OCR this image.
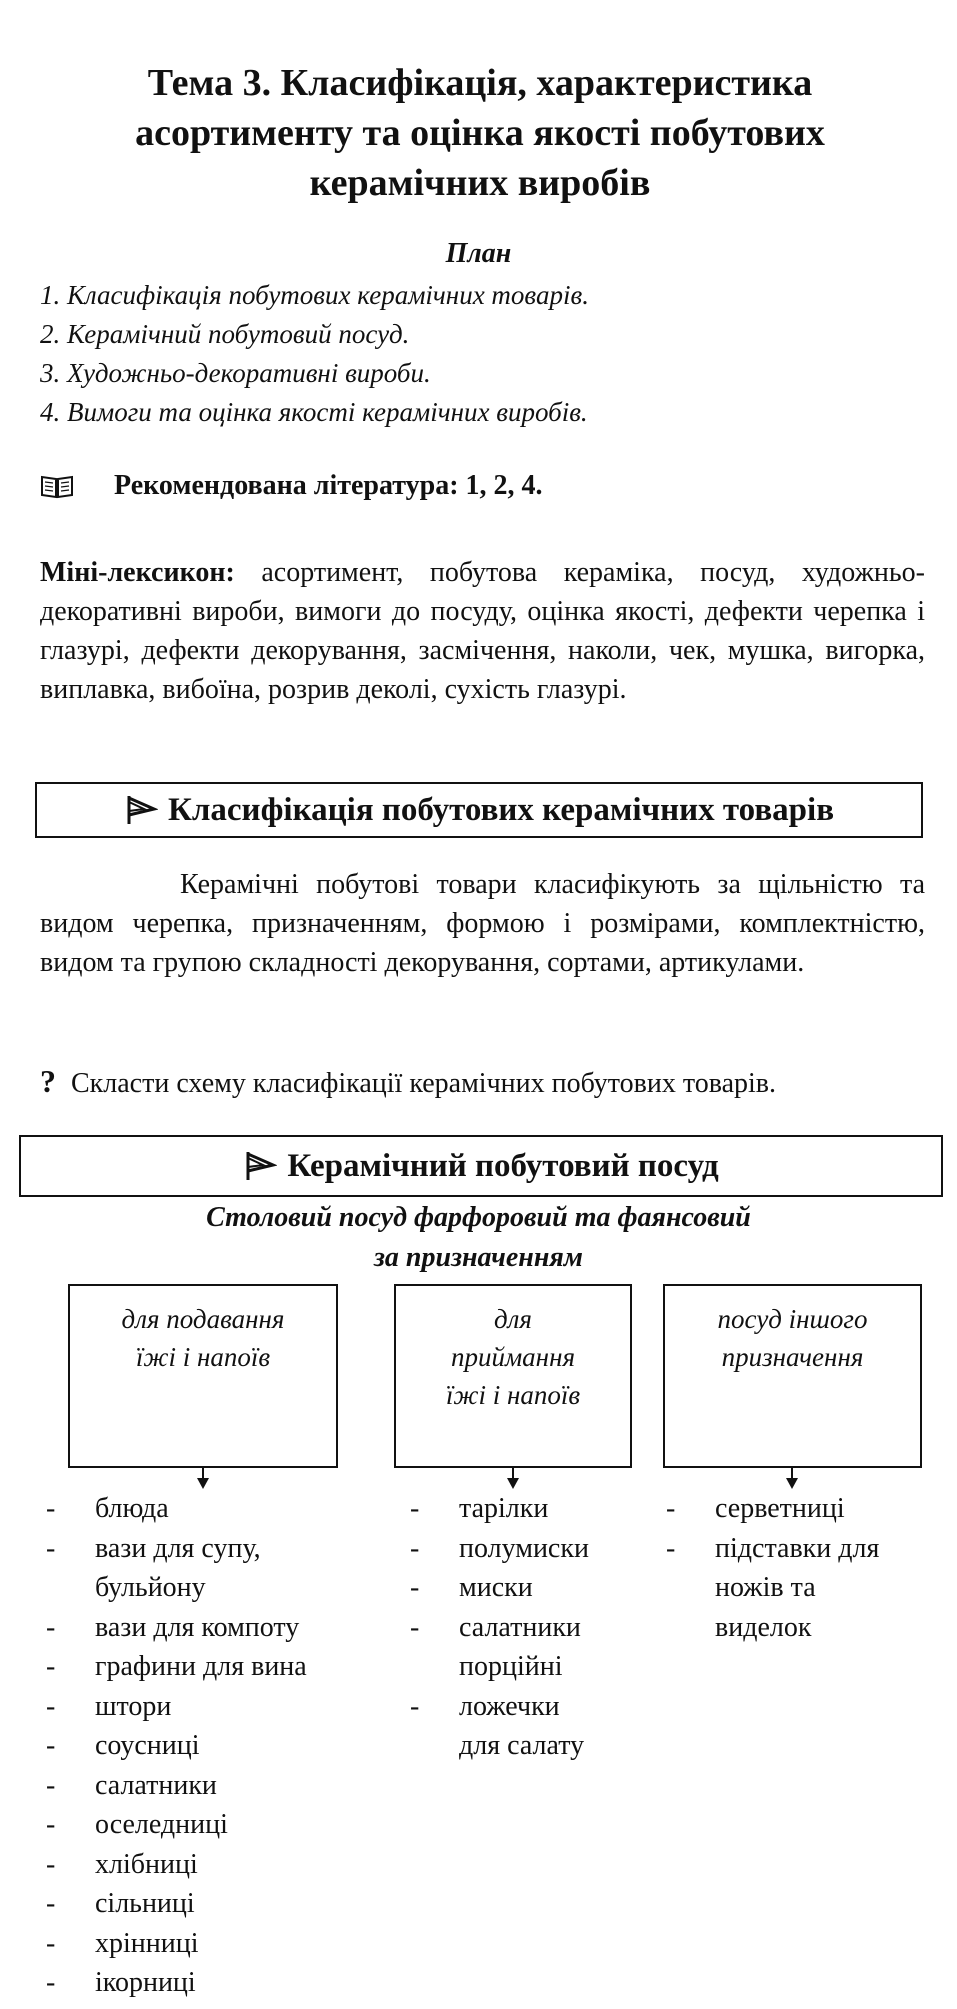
Тема 3. Класифікація, характеристика
асортименту та оцінка якості побутових
керамічних виробів
План
1. Класифікація побутових керамічних товарів.
2. Керамічний побутовий посуд.
3. Художньо-декоративні вироби.
4. Вимоги та оцінка якості керамічних виробів.
Рекомендована література: 1, 2, 4.
Міні-лексикон: асортимент, побутова кераміка, посуд, художньо-декоративні вироби, вимоги до посуду, оцінка якості, дефекти черепка і глазурі, дефекти декорування, засмічення, наколи, чек, мушка, вигорка, виплавка, вибоїна, розрив деколі, сухість глазурі.
Класифікація побутових керамічних товарів
Керамічні побутові товари класифікують за щільністю та видом черепка, призначенням, формою і розмірами, комплектністю, видом та групою складності декорування, сортами, артикулами.
? Скласти схему класифікації керамічних побутових товарів.
Керамічний побутовий посуд
Столовий посуд фарфоровий та фаянсовий
за призначенням
для подавання
їжі і напоїв
для
приймання
їжі і напоїв
посуд іншого
призначення
- блюда
- вази для супу,
бульйону
- вази для компоту
- графини для вина
- штори
- соусниці
- салатники
- оселедниці
- хлібниці
- сільниці
- хрінниці
- ікорниці
- тарілки
- полумиски
- миски
- салатники
порційні
- ложечки
для салату
- серветниці
- підставки для
ножів та
виделок
